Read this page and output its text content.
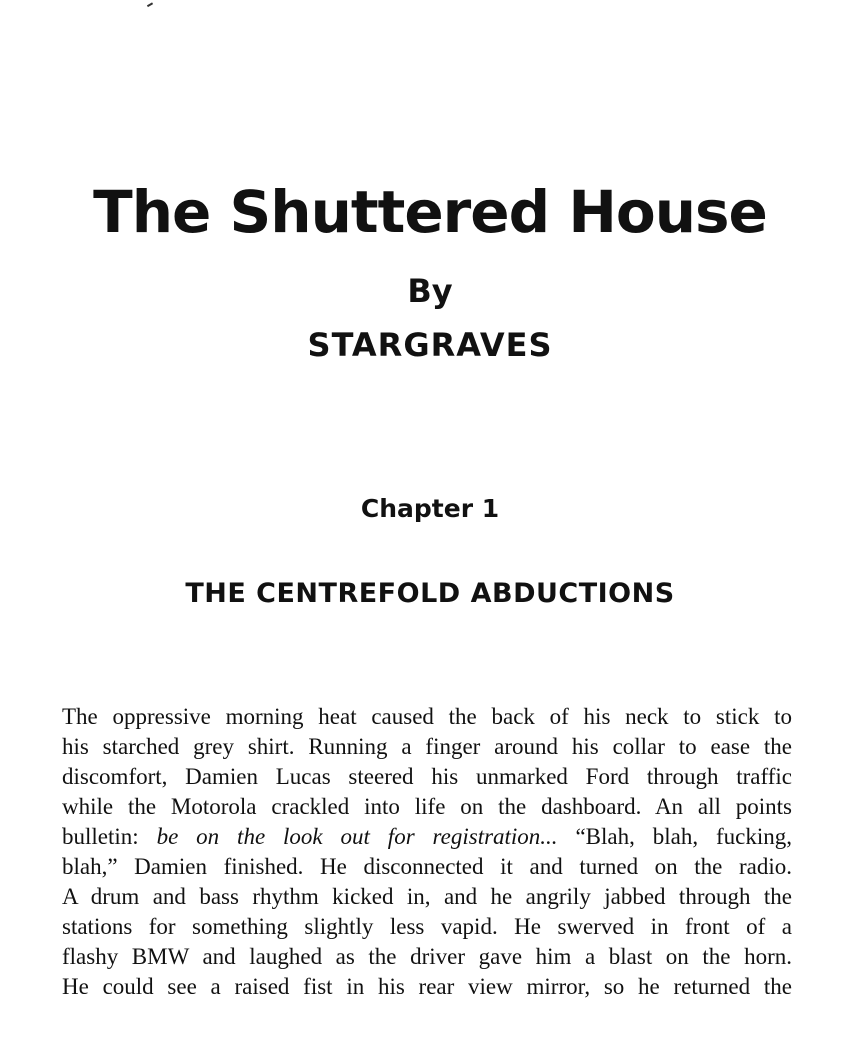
The Shuttered House
By
STARGRAVES
Chapter 1
THE CENTREFOLD ABDUCTIONS
The oppressive morning heat caused the back of his neck to stick to
his starched grey shirt. Running a finger around his collar to ease the
discomfort, Damien Lucas steered his unmarked Ford through traffic
while the Motorola crackled into life on the dashboard. An all points
bulletin: be on the look out for registration... “Blah, blah, fucking,
blah,” Damien finished. He disconnected it and turned on the radio.
A drum and bass rhythm kicked in, and he angrily jabbed through the
stations for something slightly less vapid. He swerved in front of a
flashy BMW and laughed as the driver gave him a blast on the horn.
He could see a raised fist in his rear view mirror, so he returned the
